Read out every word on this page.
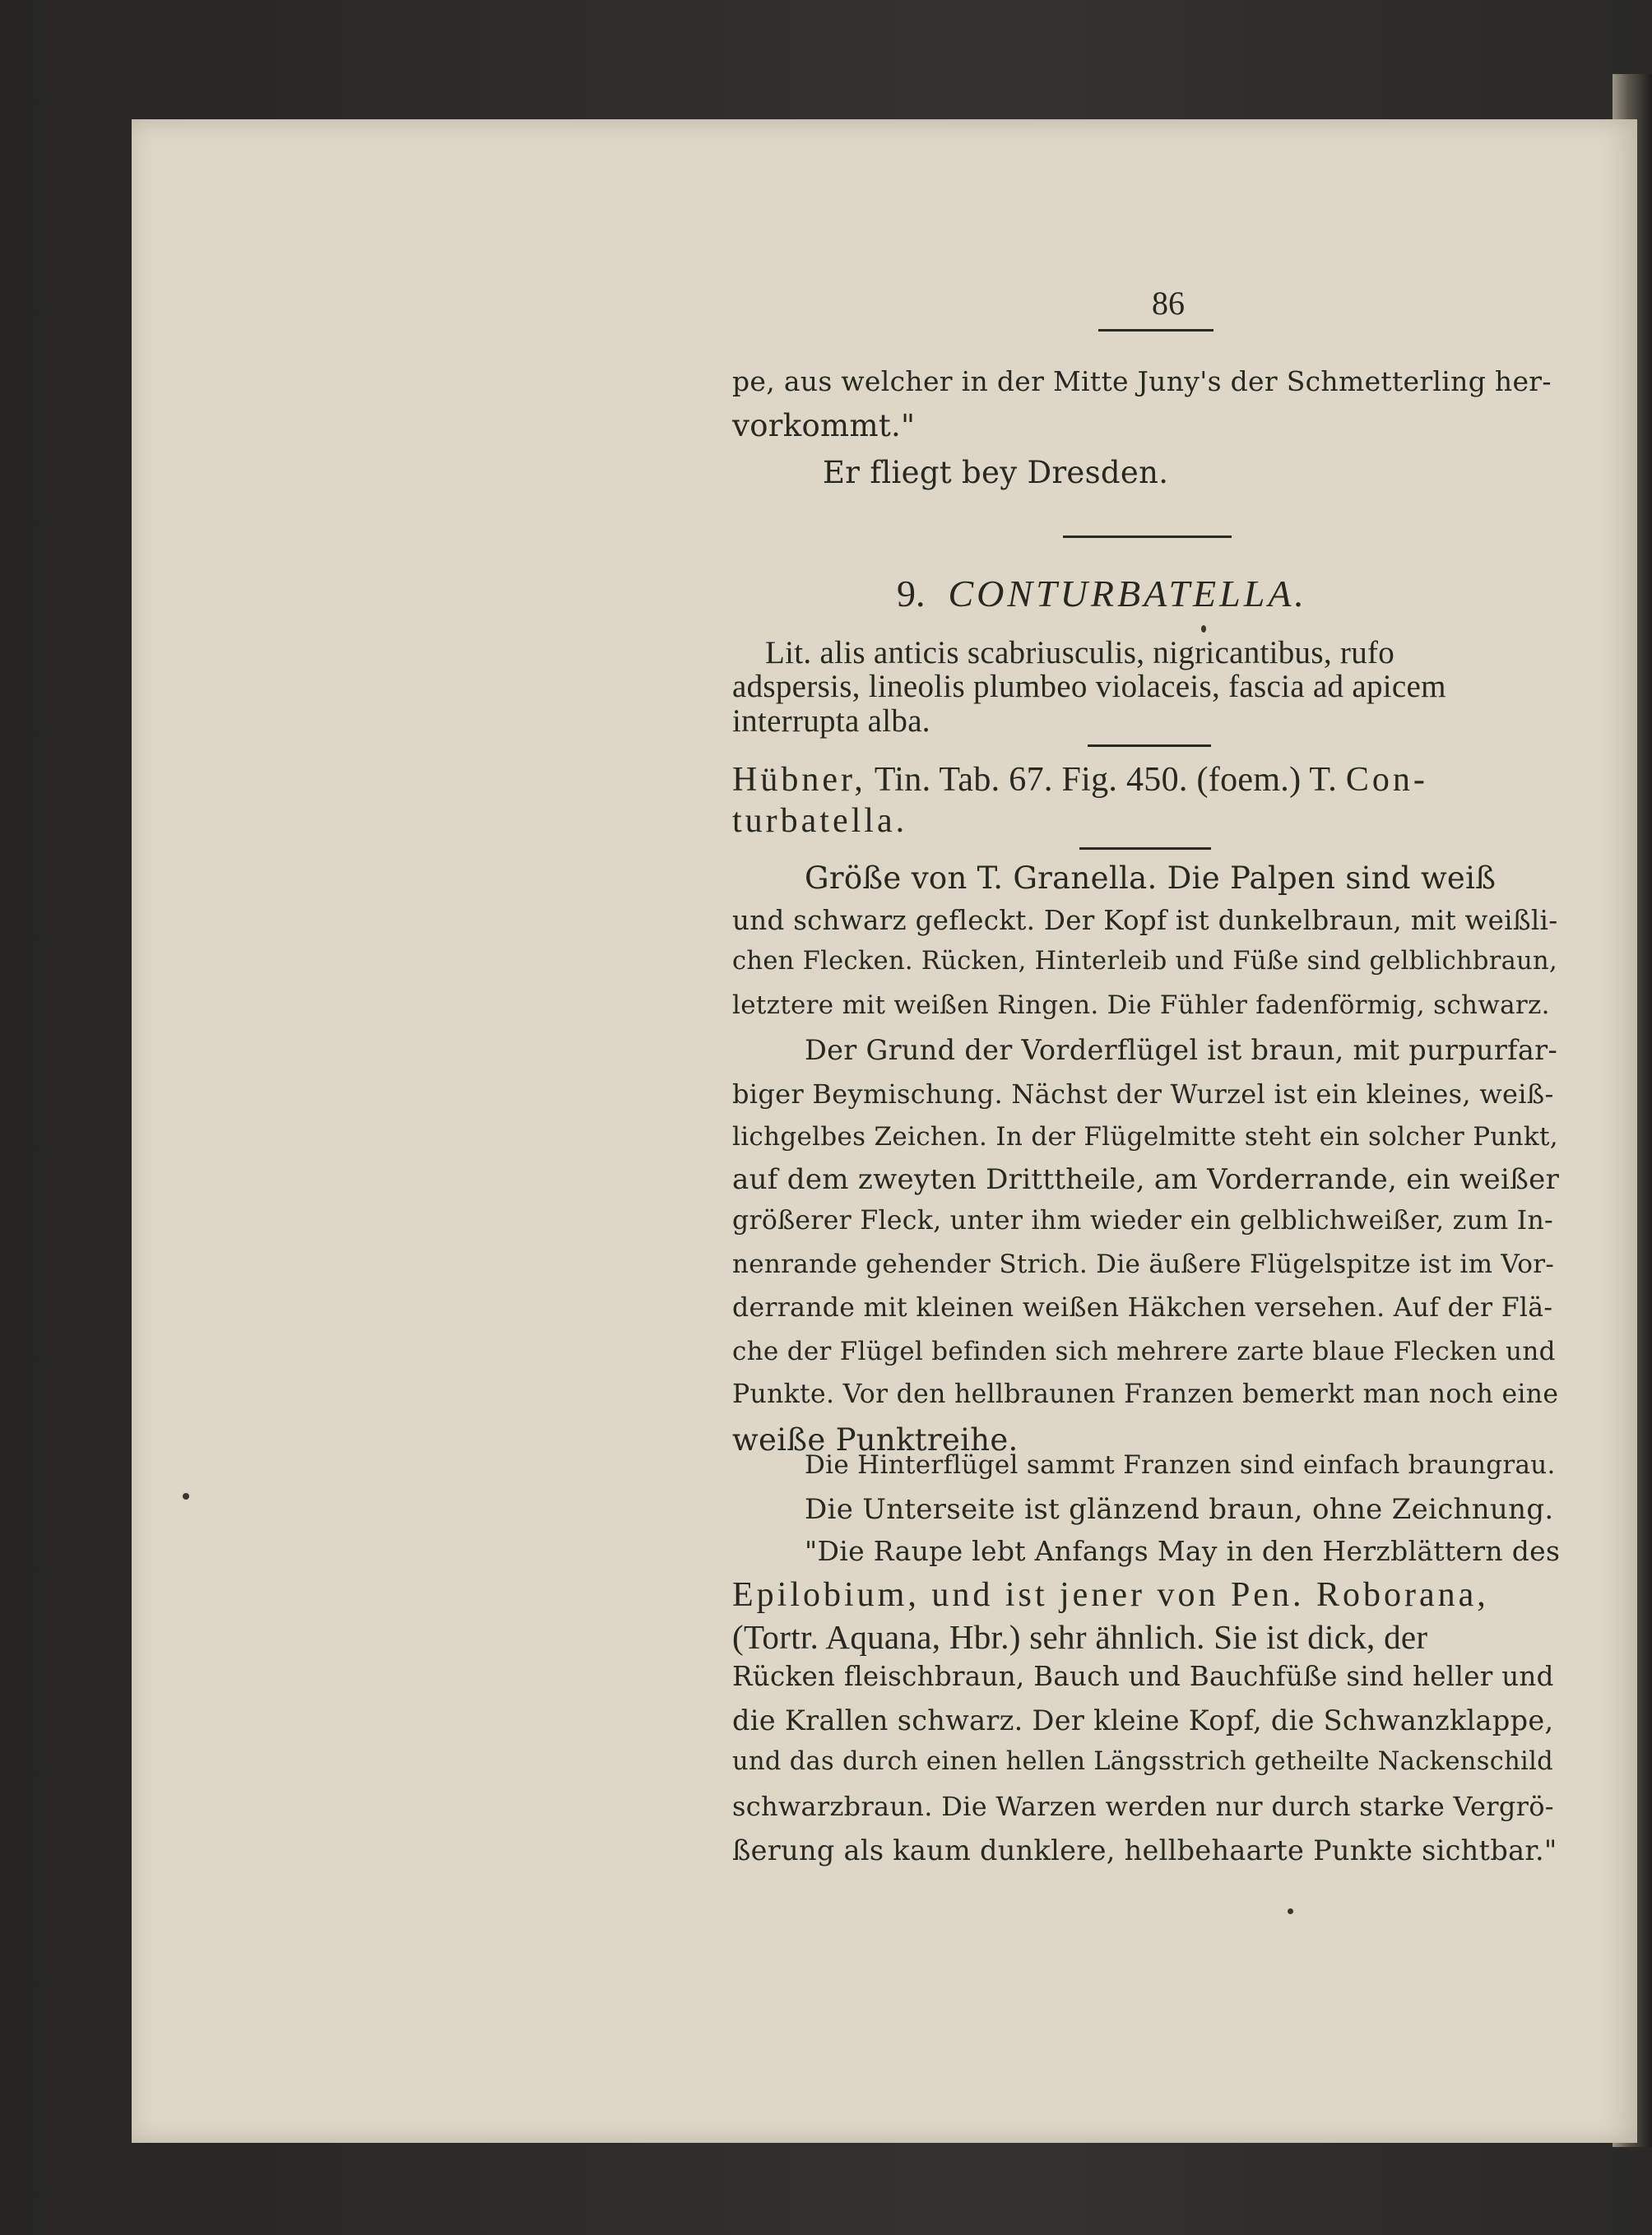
86
pe, aus welcher in der Mitte Juny's der Schmetterling her-
vorkommt."
Er fliegt bey Dresden.
9. CONTURBATELLA.
Lit. alis anticis scabriusculis, nigricantibus, rufo
adspersis, lineolis plumbeo violaceis, fascia ad apicem
interrupta alba.
Hübner, Tin. Tab. 67. Fig. 450. (foem.) T. Con-
turbatella.
Größe von T. Granella. Die Palpen sind weiß
und schwarz gefleckt. Der Kopf ist dunkelbraun, mit weißli-
chen Flecken. Rücken, Hinterleib und Füße sind gelblichbraun,
letztere mit weißen Ringen. Die Fühler fadenförmig, schwarz.
Der Grund der Vorderflügel ist braun, mit purpurfar-
biger Beymischung. Nächst der Wurzel ist ein kleines, weiß-
lichgelbes Zeichen. In der Flügelmitte steht ein solcher Punkt,
auf dem zweyten Dritttheile, am Vorderrande, ein weißer
größerer Fleck, unter ihm wieder ein gelblichweißer, zum In-
nenrande gehender Strich. Die äußere Flügelspitze ist im Vor-
derrande mit kleinen weißen Häkchen versehen. Auf der Flä-
che der Flügel befinden sich mehrere zarte blaue Flecken und
Punkte. Vor den hellbraunen Franzen bemerkt man noch eine
weiße Punktreihe.
Die Hinterflügel sammt Franzen sind einfach braungrau.
Die Unterseite ist glänzend braun, ohne Zeichnung.
"Die Raupe lebt Anfangs May in den Herzblättern des
Epilobium, und ist jener von Pen. Roborana,
(Tortr. Aquana, Hbr.) sehr ähnlich. Sie ist dick, der
Rücken fleischbraun, Bauch und Bauchfüße sind heller und
die Krallen schwarz. Der kleine Kopf, die Schwanzklappe,
und das durch einen hellen Längsstrich getheilte Nackenschild
schwarzbraun. Die Warzen werden nur durch starke Vergrö-
ßerung als kaum dunklere, hellbehaarte Punkte sichtbar."
